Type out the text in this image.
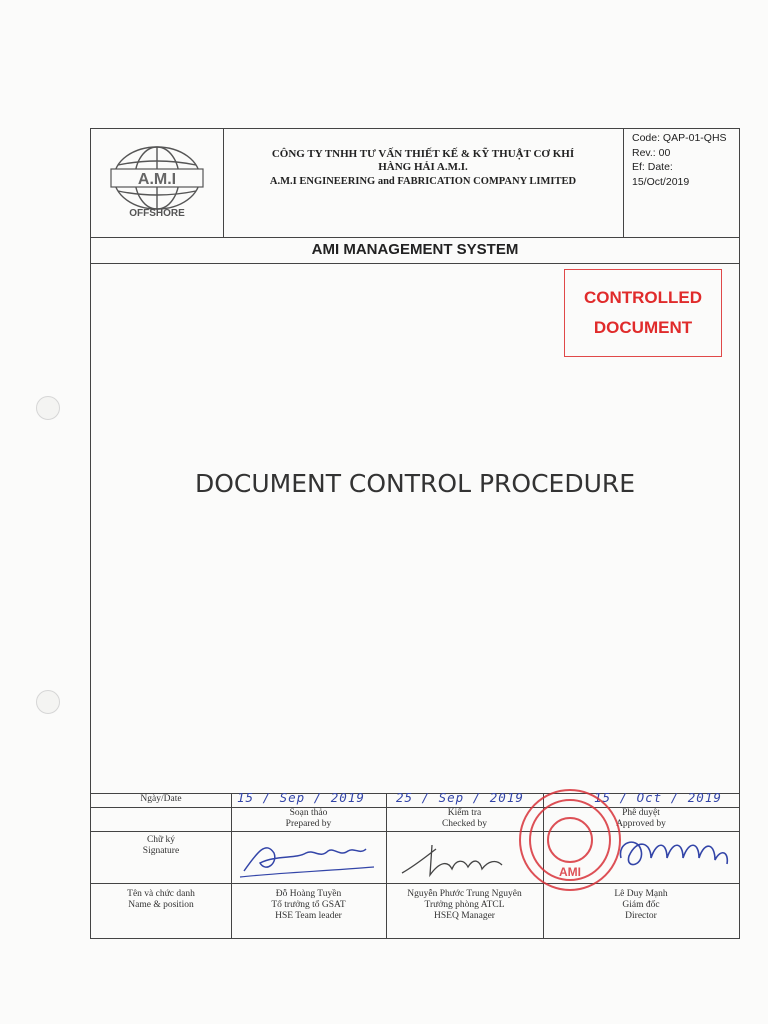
A.M.I
OFFSHORE
CÔNG TY TNHH TƯ VẤN THIẾT KẾ & KỸ THUẬT CƠ KHÍ
HÀNG HẢI A.M.I.
A.M.I ENGINEERING and FABRICATION COMPANY LIMITED
Code: QAP-01-QHS
Rev.: 00
Ef: Date:
15/Oct/2019
AMI MANAGEMENT SYSTEM
CONTROLLED
DOCUMENT
DOCUMENT CONTROL PROCEDURE
Ngày/Date	15 / Sep / 2019 25 / Sep / 2019	15 / Oct / 2019
Soạn thảo
Prepared by
Kiểm tra
Checked by
Phê duyệt
Approved by
Chữ ký
Signature
AMI
Tên và chức danh
Name & position
Đỗ Hoàng Tuyền
Tổ trưởng tổ GSAT
HSE Team leader
Nguyễn Phước Trung Nguyên
Trưởng phòng ATCL
HSEQ Manager
Lê Duy Mạnh
Giám đốc
Director
